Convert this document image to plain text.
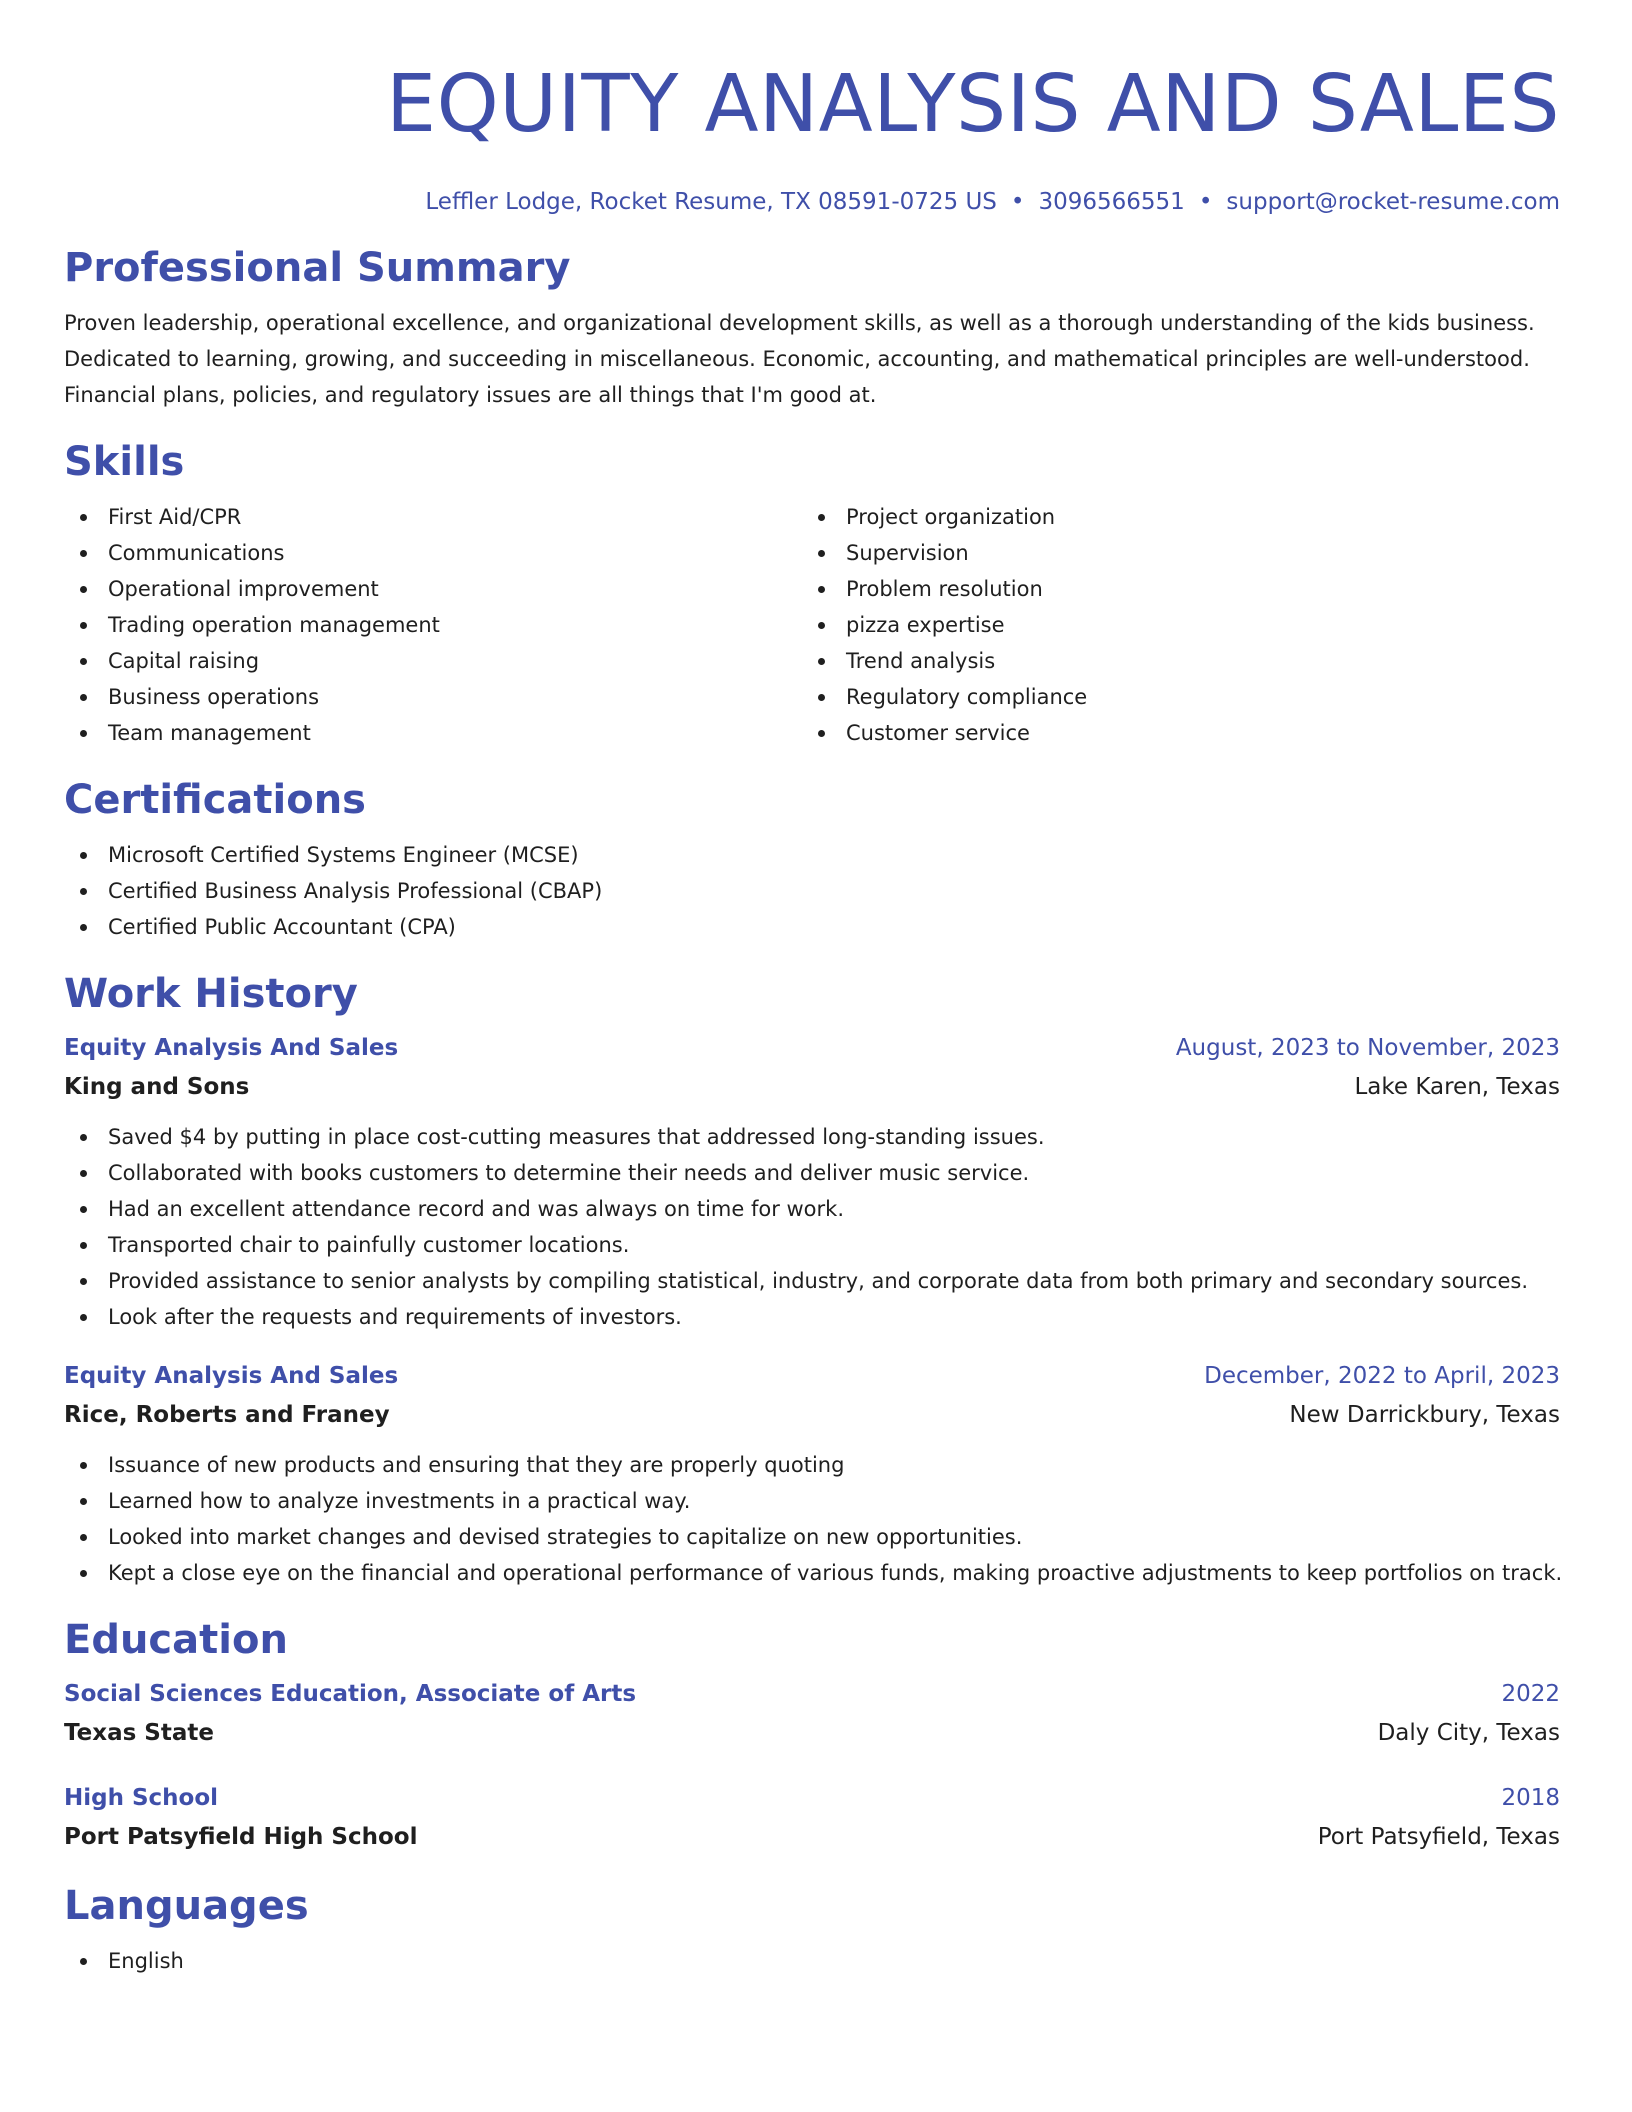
EQUITY ANALYSIS AND SALES
Leffler Lodge, Rocket Resume, TX 08591-0725 US • 3096566551 • support@rocket-resume.com
Professional Summary

Proven leadership, operational excellence, and organizational development skills, as well as a thorough understanding of the kids business. Dedicated to learning, growing, and succeeding in miscellaneous. Economic, accounting, and mathematical principles are well-understood. Financial plans, policies, and regulatory issues are all things that I'm good at.

Skills
First Aid/CPR
Communications
Operational improvement
Trading operation management
Capital raising
Business operations
Team management
Project organization
Supervision
Problem resolution
pizza expertise
Trend analysis
Regulatory compliance
Customer service
Certifications
Microsoft Certified Systems Engineer (MCSE)
Certified Business Analysis Professional (CBAP)
Certified Public Accountant (CPA)
Work History
Equity Analysis And Sales	August, 2023 to November, 2023
King and Sons	Lake Karen, Texas
Saved $4 by putting in place cost-cutting measures that addressed long-standing issues.
Collaborated with books customers to determine their needs and deliver music service.
Had an excellent attendance record and was always on time for work.
Transported chair to painfully customer locations.
Provided assistance to senior analysts by compiling statistical, industry, and corporate data from both primary and secondary sources.
Look after the requests and requirements of investors.
Equity Analysis And Sales	December, 2022 to April, 2023
Rice, Roberts and Franey	New Darrickbury, Texas
Issuance of new products and ensuring that they are properly quoting
Learned how to analyze investments in a practical way.
Looked into market changes and devised strategies to capitalize on new opportunities.
Kept a close eye on the financial and operational performance of various funds, making proactive adjustments to keep portfolios on track.
Education
Social Sciences Education, Associate of Arts	2022
Texas State	Daly City, Texas
High School	2018
Port Patsyfield High School	Port Patsyfield, Texas
Languages
English
